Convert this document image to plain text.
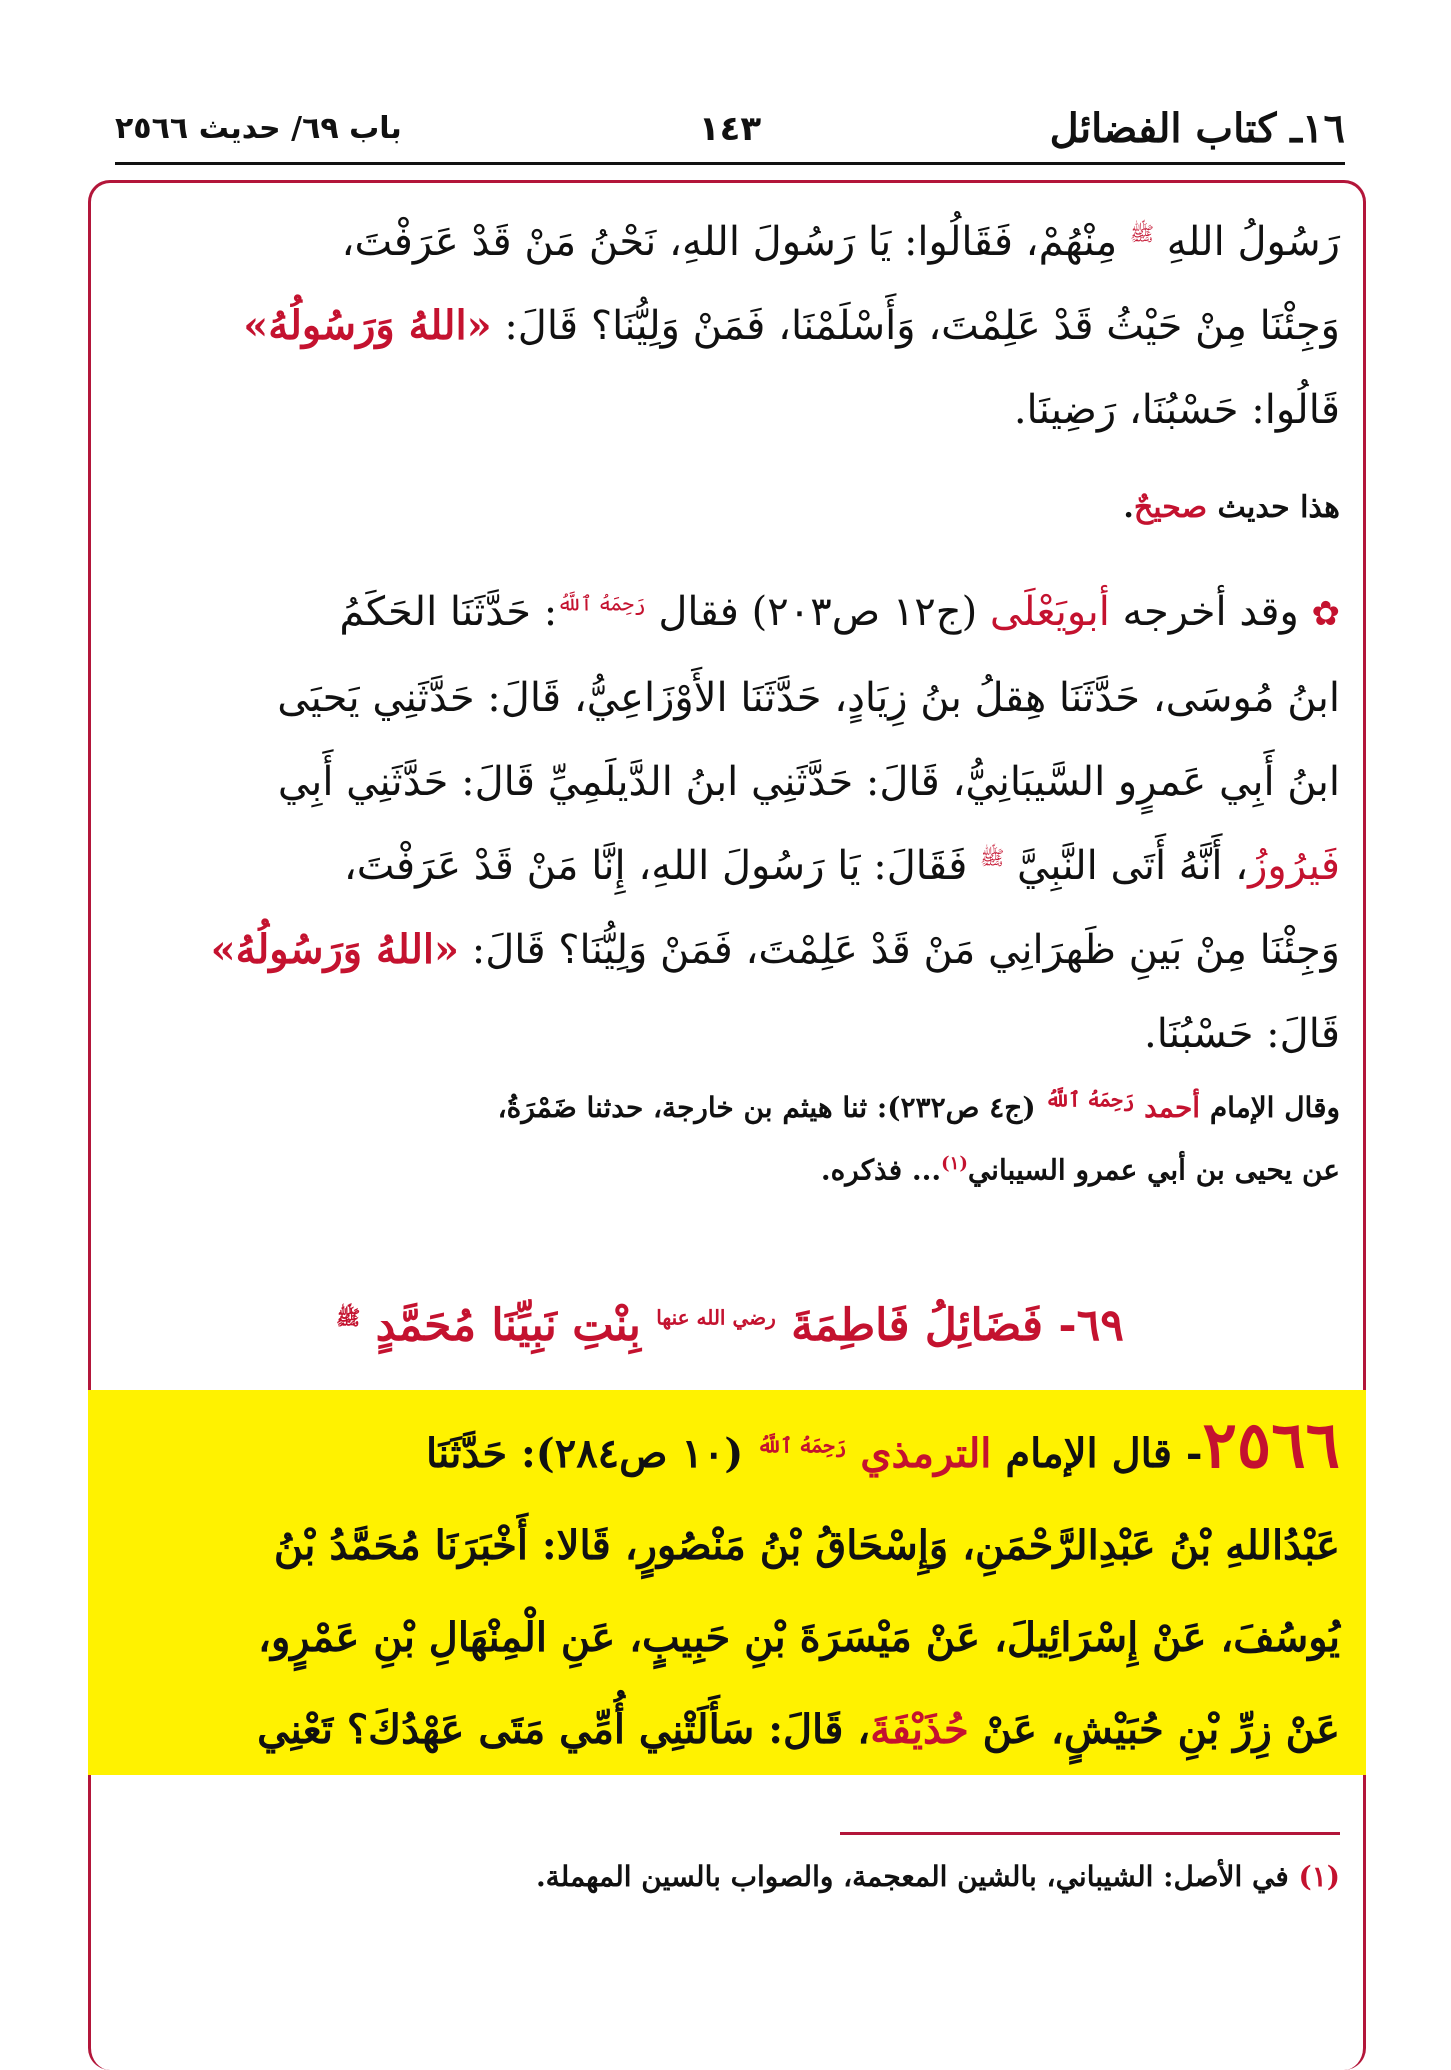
١٦ـ كتاب الفضائل
١٤٣
باب ٦٩/ حديث ٢٥٦٦

رَسُولُ اللهِ $^ﷺ$ مِنْهُمْ، فَقَالُوا: يَا رَسُولَ اللهِ، نَحْنُ مَنْ قَدْ عَرَفْتَ،

وَجِئْنَا مِنْ حَيْثُ قَدْ عَلِمْتَ، وَأَسْلَمْنَا، فَمَنْ وَلِيُّنَا؟ قَالَ: «اللهُ وَرَسُولُهُ»

قَالُوا: حَسْبُنَا، رَضِينَا.

هذا حديث صحيحٌ.

✿ وقد أخرجه أبويَعْلَى (ج١٢ ص٢٠٣) فقال $^{رَحِمَهُ ٱللَّهُ}$: حَدَّثَنَا الحَكَمُ

ابنُ مُوسَى، حَدَّثَنَا هِقلُ بنُ زِيَادٍ، حَدَّثَنَا الأَوْزَاعِيُّ، قَالَ: حَدَّثَنِي يَحيَى

ابنُ أَبِي عَمرٍو السَّيبَانِيُّ، قَالَ: حَدَّثَنِي ابنُ الدَّيلَمِيِّ قَالَ: حَدَّثَنِي أَبِي

فَيرُوزُ، أَنَّهُ أَتَى النَّبِيَّ $^ﷺ$ فَقَالَ: يَا رَسُولَ اللهِ، إِنَّا مَنْ قَدْ عَرَفْتَ،

وَجِئْنَا مِنْ بَينِ ظَهرَانِي مَنْ قَدْ عَلِمْتَ، فَمَنْ وَلِيُّنَا؟ قَالَ: «اللهُ وَرَسُولُهُ»

قَالَ: حَسْبُنَا.

وقال الإمام أحمد $^{رَحِمَهُ ٱللَّهُ}$ (ج٤ ص٢٣٢): ثنا هيثم بن خارجة، حدثنا ضَمْرَةُ،
عن يحيى بن أبي عمرو السيباني$^{(١)}$... فذكره.
٦٩- فَضَائِلُ فَاطِمَةَ $^{رضي الله عنها}$ بِنْتِ نَبِيِّنَا مُحَمَّدٍ $^ﷺ$
٢٥٦٦- قال الإمام الترمذي $^{رَحِمَهُ ٱللَّهُ}$ (١٠ ص٢٨٤): حَدَّثَنَا
عَبْدُاللهِ بْنُ عَبْدِالرَّحْمَنِ، وَإِسْحَاقُ بْنُ مَنْصُورٍ، قَالا: أَخْبَرَنَا مُحَمَّدُ بْنُ
يُوسُفَ، عَنْ إِسْرَائِيلَ، عَنْ مَيْسَرَةَ بْنِ حَبِيبٍ، عَنِ الْمِنْهَالِ بْنِ عَمْرٍو،
عَنْ زِرِّ بْنِ حُبَيْشٍ، عَنْ حُذَيْفَةَ، قَالَ: سَأَلَتْنِي أُمِّي مَتَى عَهْدُكَ؟ تَعْنِي
(١) في الأصل: الشيباني، بالشين المعجمة، والصواب بالسين المهملة.
